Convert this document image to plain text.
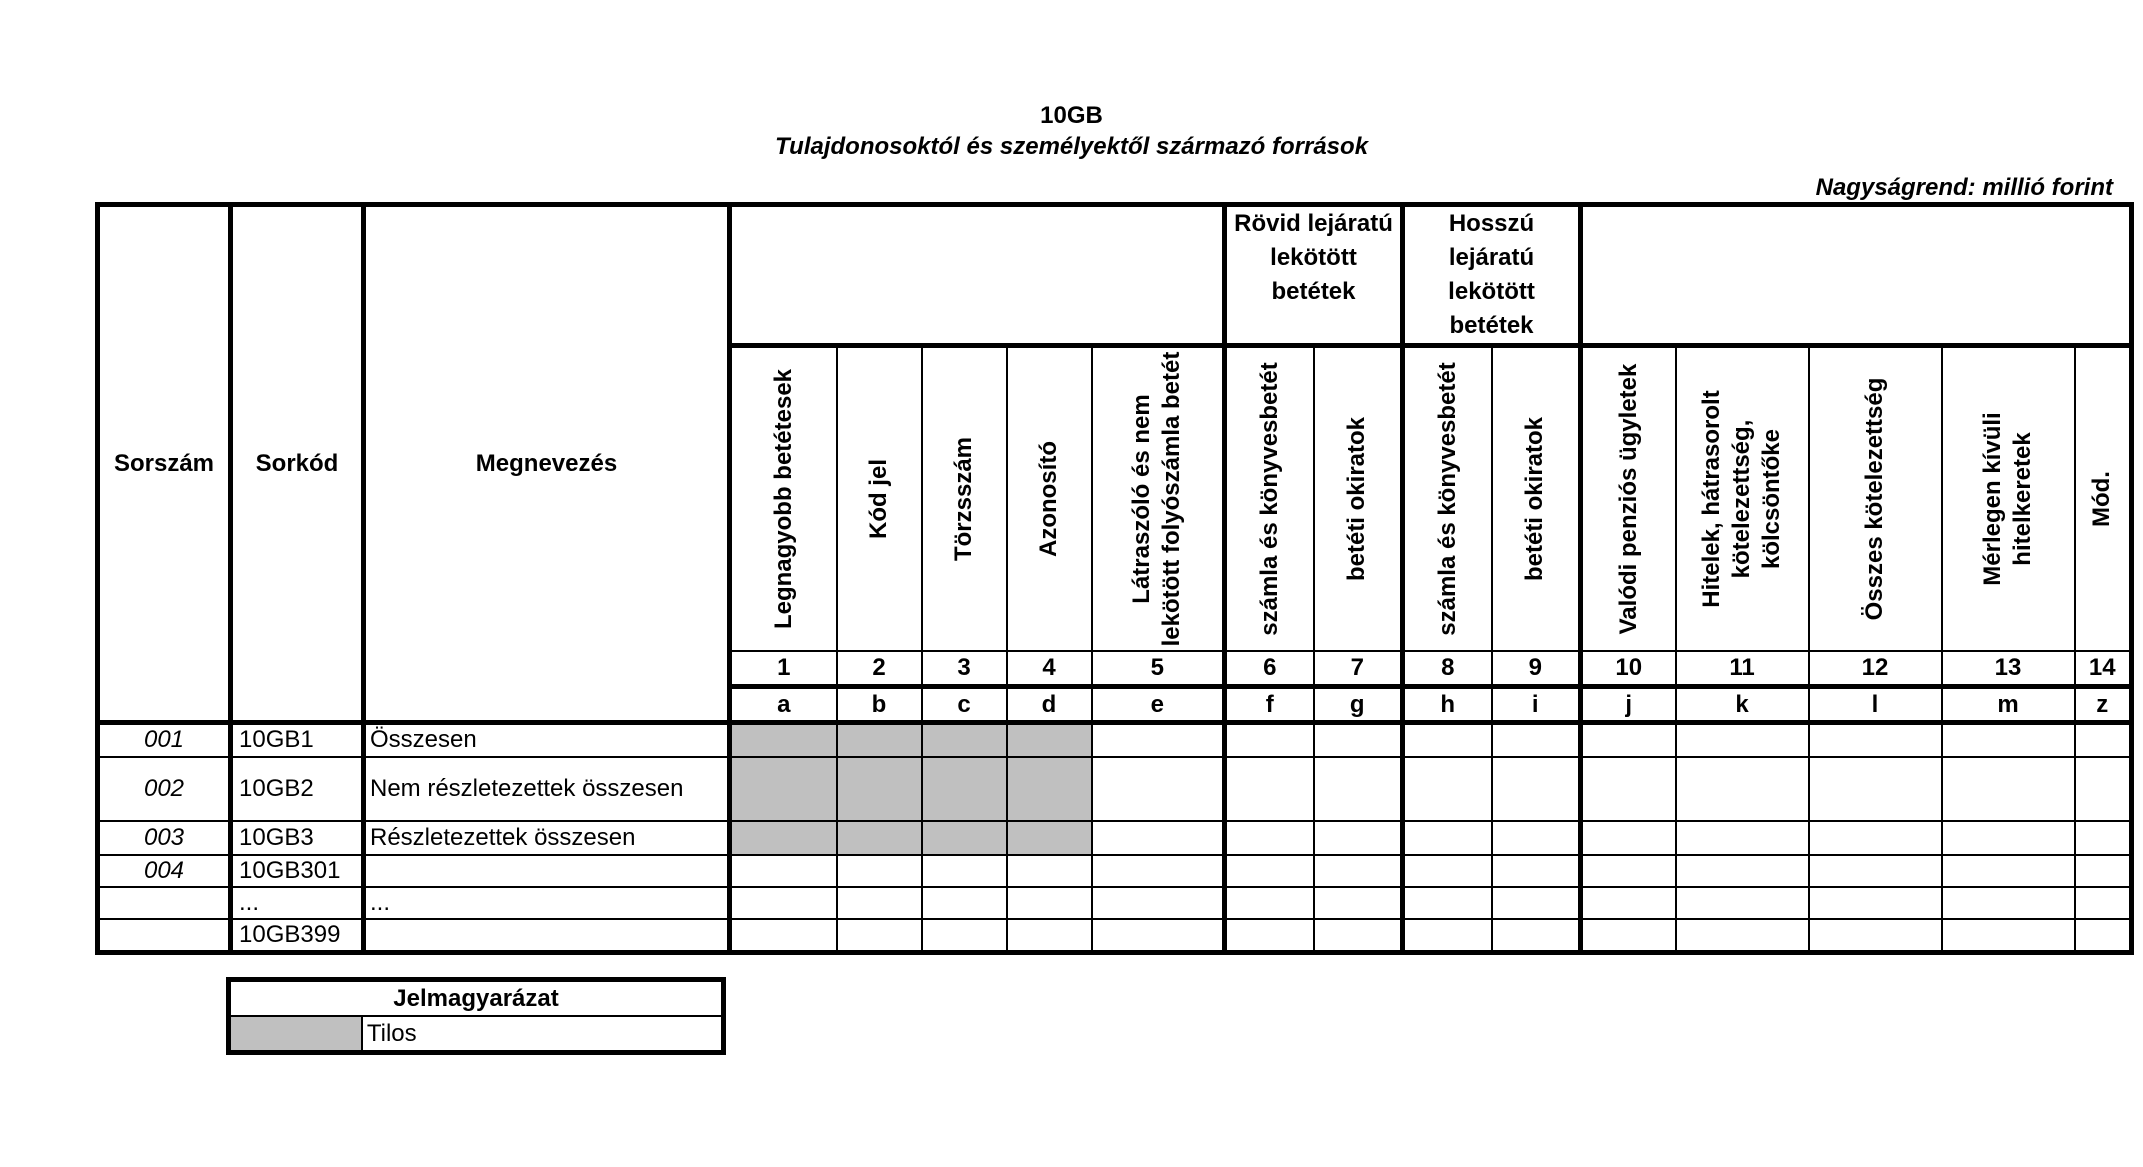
10GB
Tulajdonosoktól és személyektől származó források
Nagyságrend: millió forint
Sorszám	Sorkód	Megnevezés						Rövid lejáratú lekötött betétek		Hosszú lejáratú lekötött betétek						

			Legnagyobb betétesek	Kód jel	Törzsszám	Azonosító	Látraszóló és nem lekötött folyószámla betét	számla és könyvesbetét	betéti okiratok	számla és könyvesbetét	betéti okiratok	Valódi penziós ügyletek	Hitelek, hátrasorolt kötelezettség, kölcsöntőke	Összes kötelezettség	Mérlegen kívüli hitelkeretek	Mód.

			1	2	3	4	5	6	7	8	9	10	11	12	13	14
			a	b	c	d	e	f	g	h	i	j	k	l	m	z
001	10GB1	Összesen														
002	10GB2	Nem részletezettek összesen														
003	10GB3	Részletezettek összesen														
004	10GB301															
	...	...														
	10GB399															
Jelmagyarázat
	Tilos
